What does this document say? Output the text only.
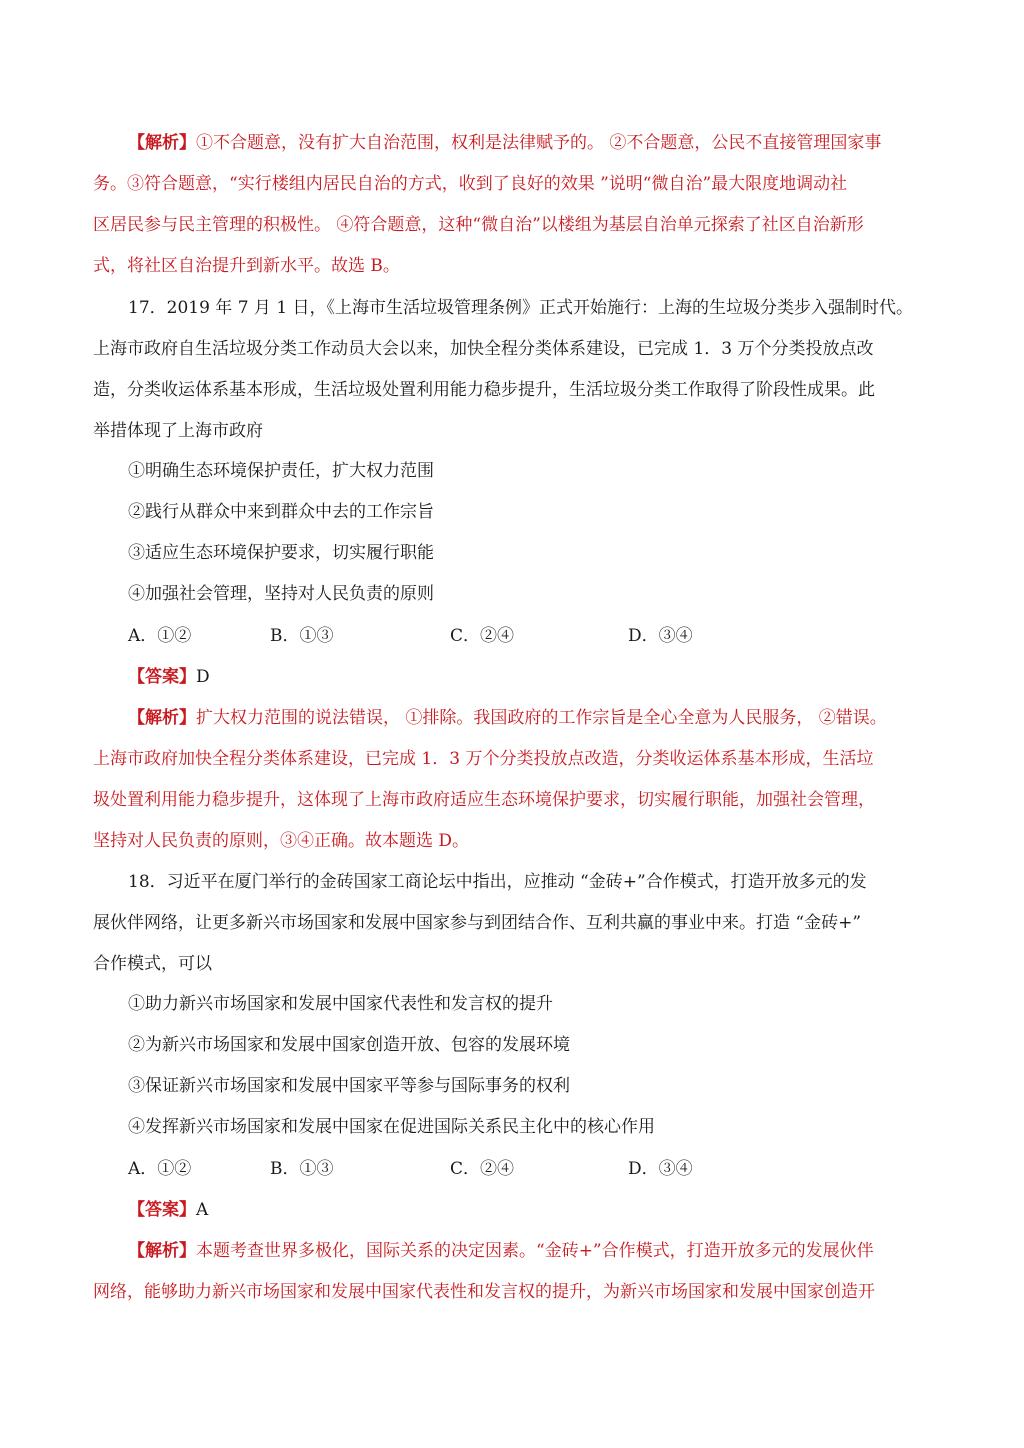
【解析】①不合题意，没有扩大自治范围，权利是法律赋予的。 ②不合题意，公民不直接管理国家事
务。③符合题意，“实行楼组内居民自治的方式，收到了良好的效果 ”说明“微自治”最大限度地调动社
区居民参与民主管理的积极性。 ④符合题意，这种“微自治”以楼组为基层自治单元探索了社区自治新形
式，将社区自治提升到新水平。故选 B。
17．2019 年 7 月 1 日，《上海市生活垃圾管理条例》正式开始施行：上海的生垃圾分类步入强制时代。
上海市政府自生活垃圾分类工作动员大会以来，加快全程分类体系建设，已完成 1．3 万个分类投放点改
造，分类收运体系基本形成，生活垃圾处置利用能力稳步提升，生活垃圾分类工作取得了阶段性成果。此
举措体现了上海市政府
①明确生态环境保护责任，扩大权力范围
②践行从群众中来到群众中去的工作宗旨
③适应生态环境保护要求，切实履行职能
④加强社会管理，坚持对人民负责的原则
A．①②	B．①③	C．②④	D．③④
【答案】D
【解析】扩大权力范围的说法错误， ①排除。我国政府的工作宗旨是全心全意为人民服务， ②错误。
上海市政府加快全程分类体系建设，已完成 1．3 万个分类投放点改造，分类收运体系基本形成，生活垃
圾处置利用能力稳步提升，这体现了上海市政府适应生态环境保护要求，切实履行职能，加强社会管理，
坚持对人民负责的原则，③④正确。故本题选 D。
18．习近平在厦门举行的金砖国家工商论坛中指出，应推动 “金砖+”合作模式，打造开放多元的发
展伙伴网络，让更多新兴市场国家和发展中国家参与到团结合作、互利共赢的事业中来。打造 “金砖+”
合作模式，可以
①助力新兴市场国家和发展中国家代表性和发言权的提升
②为新兴市场国家和发展中国家创造开放、包容的发展环境
③保证新兴市场国家和发展中国家平等参与国际事务的权利
④发挥新兴市场国家和发展中国家在促进国际关系民主化中的核心作用
A．①②	B．①③	C．②④	D．③④
【答案】A
【解析】本题考查世界多极化，国际关系的决定因素。“金砖+”合作模式，打造开放多元的发展伙伴
网络，能够助力新兴市场国家和发展中国家代表性和发言权的提升，为新兴市场国家和发展中国家创造开
